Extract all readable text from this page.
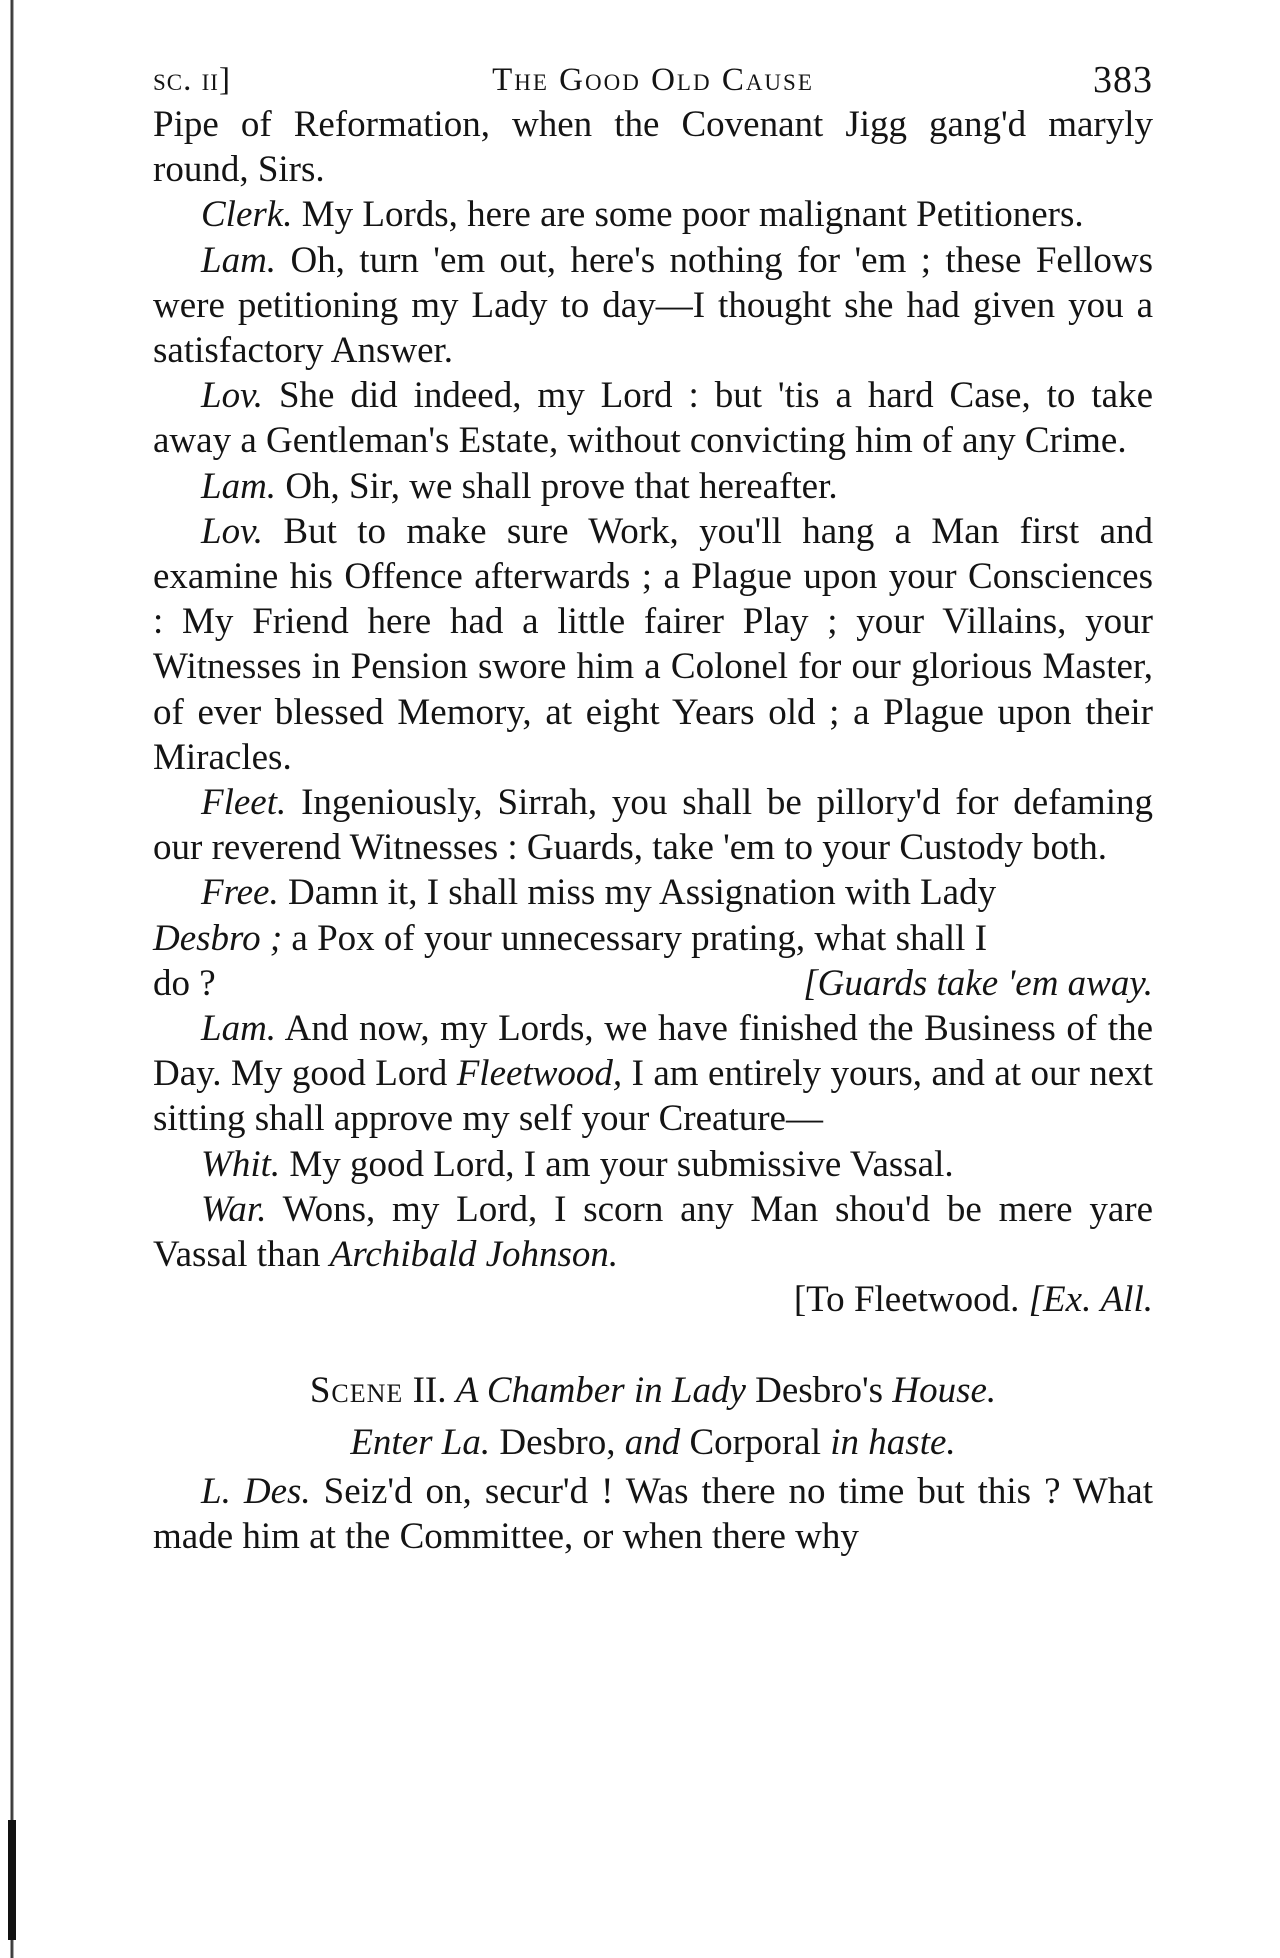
sc. ii]	The Good Old Cause	383

Pipe of Reformation, when the Covenant Jigg gang'd maryly round, Sirs.

Clerk. My Lords, here are some poor malignant Petitioners.

Lam. Oh, turn 'em out, here's nothing for 'em ; these Fellows were petitioning my Lady to day—I thought she had given you a satisfactory Answer.

Lov. She did indeed, my Lord : but 'tis a hard Case, to take away a Gentleman's Estate, without convicting him of any Crime.

Lam. Oh, Sir, we shall prove that hereafter.

Lov. But to make sure Work, you'll hang a Man first and examine his Offence afterwards ; a Plague upon your Consciences : My Friend here had a little fairer Play ; your Villains, your Witnesses in Pension swore him a Colonel for our glorious Master, of ever blessed Memory, at eight Years old ; a Plague upon their Miracles.

Fleet. Ingeniously, Sirrah, you shall be pillory'd for defaming our reverend Witnesses : Guards, take 'em to your Custody both.

Free. Damn it, I shall miss my Assignation with Lady

Desbro ; a Pox of your unnecessary prating, what shall I

do ?	[Guards take 'em away.

Lam. And now, my Lords, we have finished the Business of the Day. My good Lord Fleetwood, I am entirely yours, and at our next sitting shall approve my self your Creature—

Whit. My good Lord, I am your submissive Vassal.

War. Wons, my Lord, I scorn any Man shou'd be mere yare Vassal than Archibald Johnson.

[To Fleetwood. [Ex. All.

Scene II. A Chamber in Lady Desbro's House.

Enter La. Desbro, and Corporal in haste.

L. Des. Seiz'd on, secur'd ! Was there no time but this ? What made him at the Committee, or when there why
